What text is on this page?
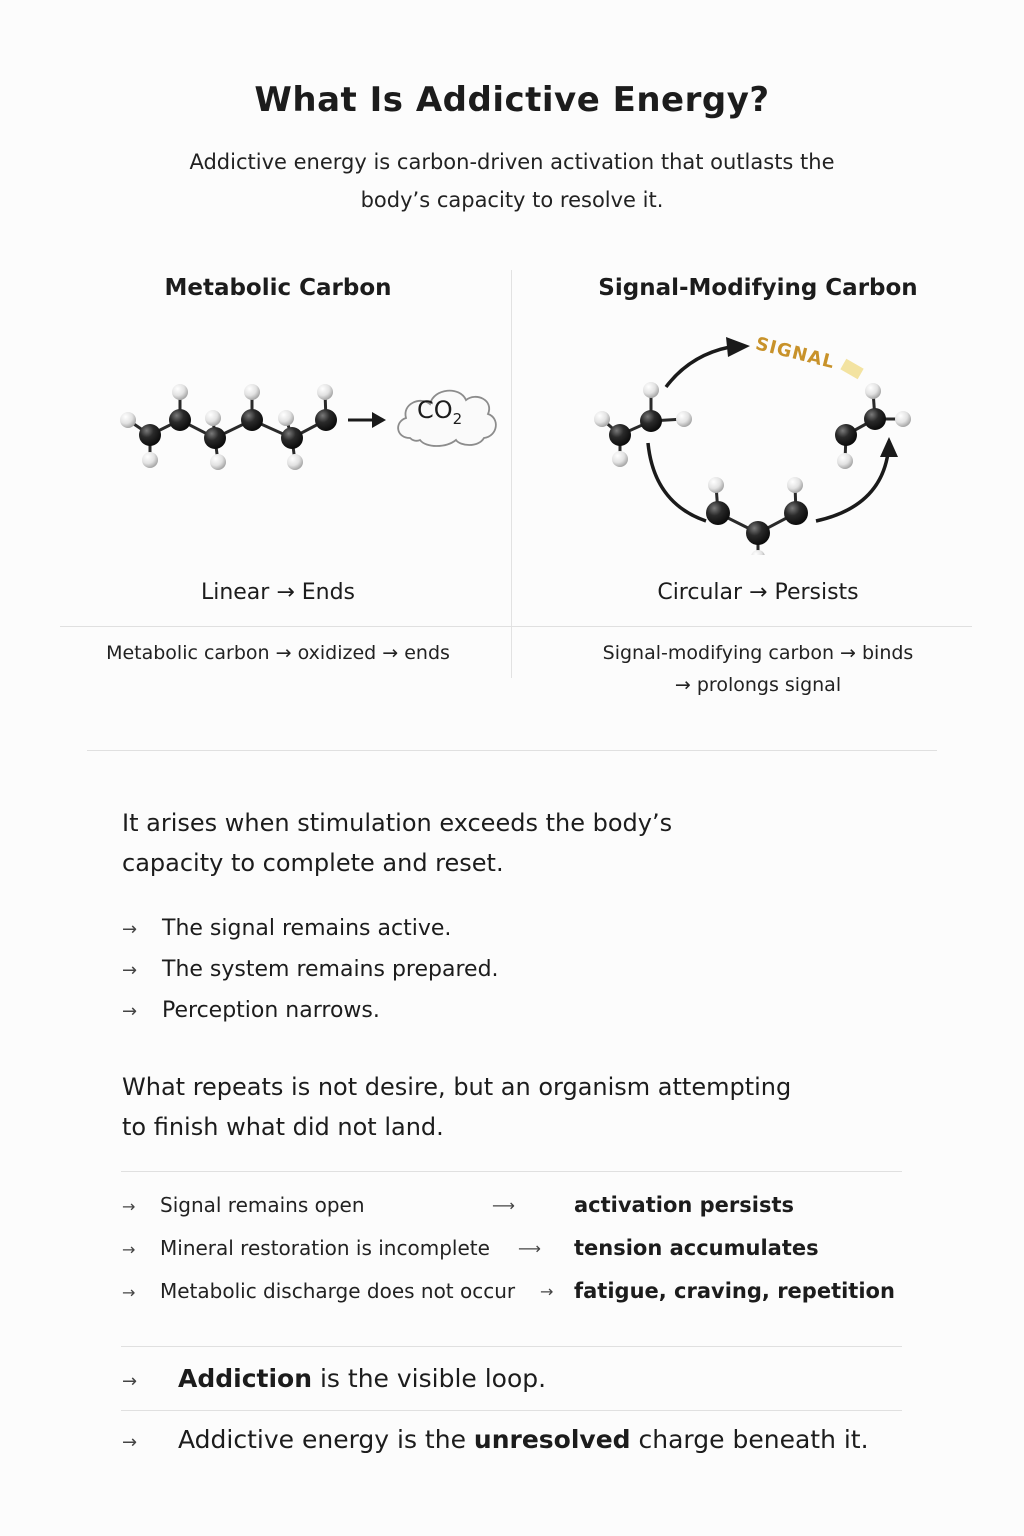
What Is Addictive Energy?
Addictive energy is carbon-driven activation that outlasts the body’s capacity to resolve it.
Metabolic Carbon
$CO_2$
Linear → Ends
Signal-Modifying Carbon
SIGNAL
Circular → Persists
Metabolic carbon → oxidized → ends	Signal-modifying carbon → binds
→ prolongs signal
It arises when stimulation exceeds the body’s
capacity to complete and reset.
→ The signal remains active.
→ The system remains prepared.
→ Perception narrows.
What repeats is not desire, but an organism attempting
to finish what did not land.
→ Signal remains open	⟶	activation persists
→ Mineral restoration is incomplete ⟶ tension accumulates
→ Metabolic discharge does not occur → fatigue, craving, repetition
→ Addiction is the visible loop.
→ Addictive energy is the unresolved charge beneath it.
